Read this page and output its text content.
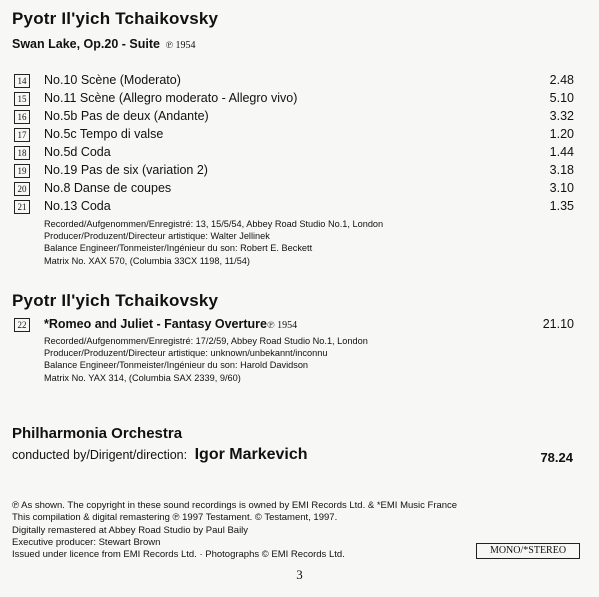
Pyotr Il'yich Tchaikovsky
Swan Lake, Op.20 - Suite ℗ 1954
14 No.10 Scène (Moderato)	2.48
15 No.11 Scène (Allegro moderato - Allegro vivo)	5.10
16 No.5b Pas de deux (Andante)	3.32
17 No.5c Tempo di valse	1.20
18 No.5d Coda	1.44
19 No.19 Pas de six (variation 2)	3.18
20 No.8 Danse de coupes	3.10
21 No.13 Coda	1.35
Recorded/Aufgenommen/Enregistré: 13, 15/5/54, Abbey Road Studio No.1, London
Producer/Produzent/Directeur artistique: Walter Jellinek
Balance Engineer/Tonmeister/Ingénieur du son: Robert E. Beckett
Matrix No. XAX 570, (Columbia 33CX 1198, 11/54)
Pyotr Il'yich Tchaikovsky
22 *Romeo and Juliet - Fantasy Overture℗ 1954	21.10
Recorded/Aufgenommen/Enregistré: 17/2/59, Abbey Road Studio No.1, London
Producer/Produzent/Directeur artistique: unknown/unbekannt/inconnu
Balance Engineer/Tonmeister/Ingénieur du son: Harold Davidson
Matrix No. YAX 314, (Columbia SAX 2339, 9/60)
Philharmonia Orchestra
conducted by/Dirigent/direction: Igor Markevich	78.24
℗ As shown. The copyright in these sound recordings is owned by EMI Records Ltd. & *EMI Music France
This compilation & digital remastering ℗ 1997 Testament. © Testament, 1997.
Digitally remastered at Abbey Road Studio by Paul Baily
Executive producer: Stewart Brown
Issued under licence from EMI Records Ltd. · Photographs © EMI Records Ltd.	MONO/*STEREO
3
